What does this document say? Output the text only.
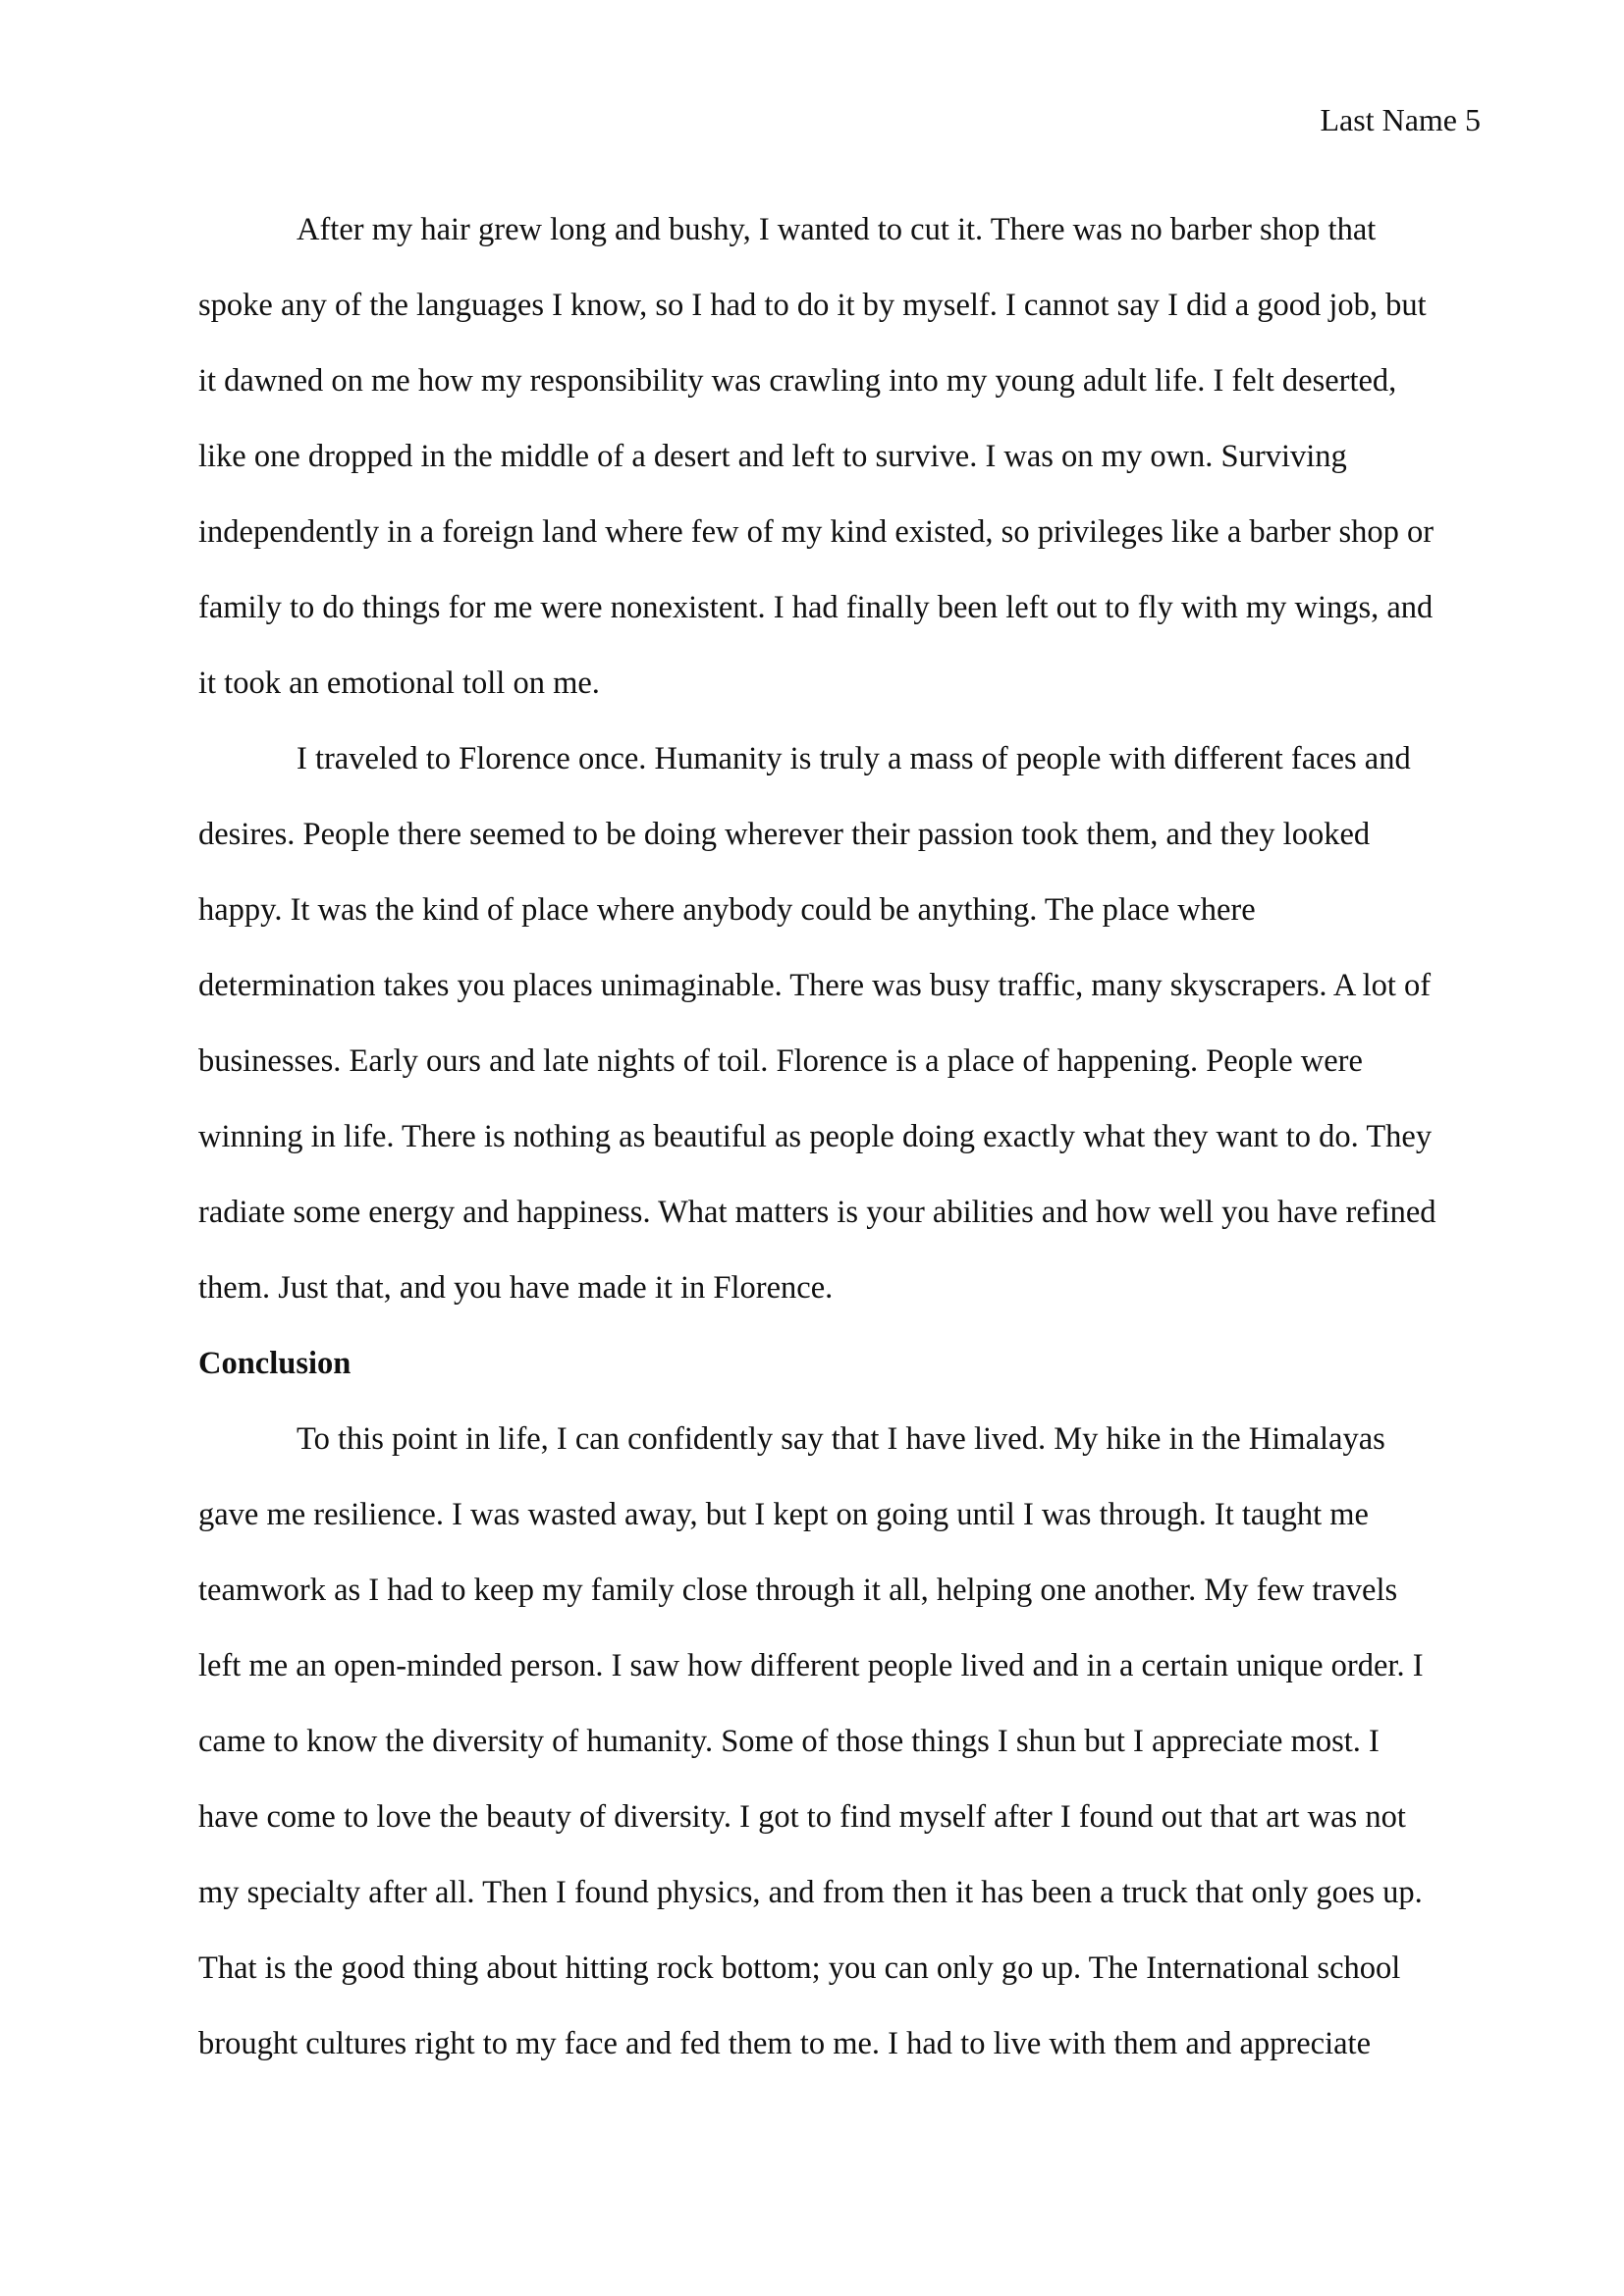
Last Name 5

After my hair grew long and bushy, I wanted to cut it. There was no barber shop that
spoke any of the languages I know, so I had to do it by myself. I cannot say I did a good job, but
it dawned on me how my responsibility was crawling into my young adult life. I felt deserted,
like one dropped in the middle of a desert and left to survive. I was on my own. Surviving
independently in a foreign land where few of my kind existed, so privileges like a barber shop or
family to do things for me were nonexistent. I had finally been left out to fly with my wings, and
it took an emotional toll on me.

I traveled to Florence once. Humanity is truly a mass of people with different faces and
desires. People there seemed to be doing wherever their passion took them, and they looked
happy. It was the kind of place where anybody could be anything. The place where
determination takes you places unimaginable. There was busy traffic, many skyscrapers. A lot of
businesses. Early ours and late nights of toil. Florence is a place of happening. People were
winning in life. There is nothing as beautiful as people doing exactly what they want to do. They
radiate some energy and happiness. What matters is your abilities and how well you have refined
them. Just that, and you have made it in Florence.

Conclusion

To this point in life, I can confidently say that I have lived. My hike in the Himalayas
gave me resilience. I was wasted away, but I kept on going until I was through. It taught me
teamwork as I had to keep my family close through it all, helping one another. My few travels
left me an open-minded person. I saw how different people lived and in a certain unique order. I
came to know the diversity of humanity. Some of those things I shun but I appreciate most. I
have come to love the beauty of diversity. I got to find myself after I found out that art was not
my specialty after all. Then I found physics, and from then it has been a truck that only goes up.
That is the good thing about hitting rock bottom; you can only go up. The International school
brought cultures right to my face and fed them to me. I had to live with them and appreciate
